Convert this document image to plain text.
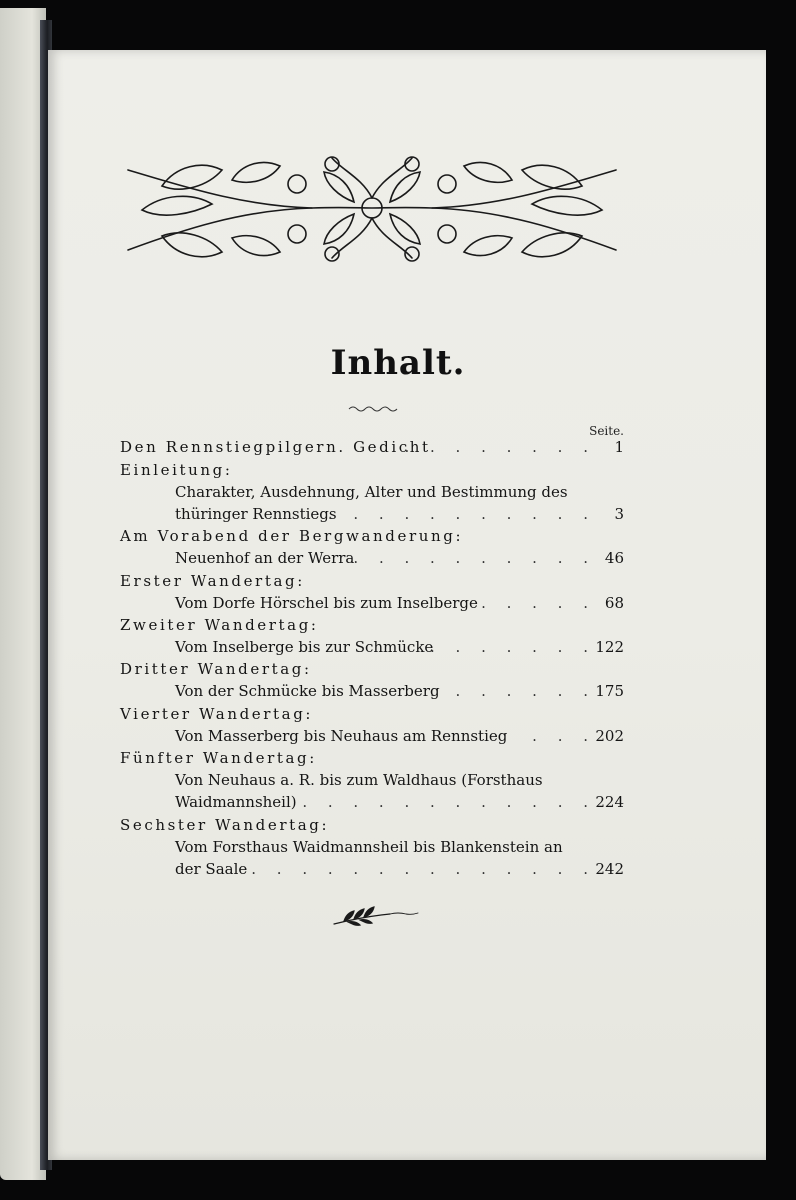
Inhalt.
Seite.
Den Rennstiegpilgern. Gedicht
. . . . . . . .	1
Einleitung:
Charakter, Ausdehnung, Alter und Bestimmung des
thüringer Rennstiegs
. . . . . . . . . . .	3
Am Vorabend der Bergwanderung:
Neuenhof an der Werra . . . . . . . . . . 46
Erster Wandertag:
Vom Dorfe Hörschel bis zum Inselberge . . . . . 68
Zweiter Wandertag:
Vom Inselberge bis zur Schmücke
. . . . . . . 122
Dritter Wandertag:
Von der Schmücke bis Masserberg
. . . . . . . 175
Vierter Wandertag:
Von Masserberg bis Neuhaus am Rennstieg . . . 202
Fünfter Wandertag:
Von Neuhaus a. R. bis zum Waldhaus (Forsthaus
Waidmannsheil) . . . . . . . . . . . . 224
Sechster Wandertag:
Vom Forsthaus Waidmannsheil bis Blankenstein an
der Saale . . . . . . . . . . . . . . 242
